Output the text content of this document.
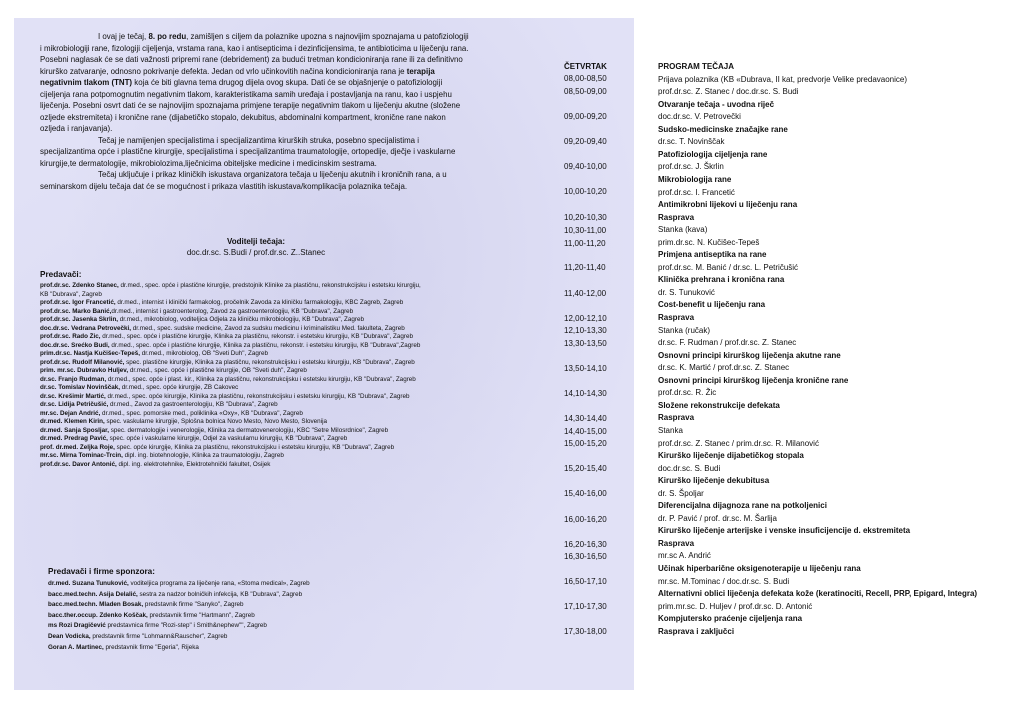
I ovaj je tečaj, 8. po redu, zamišljen s ciljem da polaznike upozna s najnovijim spoznajama u patofiziologiji i mikrobiologiji rane, fizologiji cijeljenja, vrstama rana, kao i antisepticima i dezinficijensima, te antibioticima u liječenju rana. Posebni naglasak će se dati važnosti pripremi rane (debridement) za budući tretman kondicioniranja rane ili za definitivno kirurško zatvaranje, odnosno pokrivanje defekta. Jedan od vrlo učinkovitih načina kondicioniranja rana je terapija negativnim tlakom (TNT) koja će biti glavna tema drugog dijela ovog skupa. Dati će se objašnjenje o patofiziologiji cijeljenja rana potpomognutim negativnim tlakom, karakteristikama samih uređaja i postavljanja na ranu, kao i uspjehu liječenja. Posebni osvrt dati će se najnovijim spoznajama primjene terapije negativnim tlakom u liječenju akutne (složene ozljede ekstremiteta) i kronične rane (dijabetičko stopalo, dekubitus, abdominalni kompartment, kronične rane nakon ozljeda i ranjavanja).

Tečaj je namijenjen specijalistima i specijalizantima kirurških struka, posebno specijalistima i specijalizantima opće i plastične kirurgije, specijalistima i specijalizantima traumatologije, ortopedije, dječje i vaskularne kirurgije,te dermatologije, mikrobiolozima,liječnicima obiteljske medicine i medicinskim sestrama.

Tečaj uključuje i prikaz kliničkih iskustava organizatora tečaja u liječenju akutnih i kroničnih rana, a u seminarskom dijelu tečaja dat će se mogućnost i prikaza vlastitih iskustava/komplikacija polaznika tečaja.

Voditelji tečaja:
doc.dr.sc. S.Budi / prof.dr.sc. Z..Stanec
Predavači:
prof.dr.sc. Zdenko Stanec, dr.med., spec. opće i plastične kirurgije, predstojnik Klinike za plastičnu, rekonstrukcijsku i estetsku kirurgiju,
KB "Dubrava", Zagreb
prof.dr.sc. Igor Francetić, dr.med., internist i klinički farmakolog, pročelnik Zavoda za kliničku farmakologiju, KBC Zagreb, Zagreb
prof.dr.sc. Marko Banić,dr.med., internist i gastroenterolog, Zavod za gastroenterologiju, KB "Dubrava", Zagreb
prof.dr.sc. Jasenka Škrlin, dr.med., mikrobiolog, voditeljica Odjela za kliničku mikrobiologiju, KB "Dubrava", Zagreb
doc.dr.sc. Vedrana Petrovečki, dr.med., spec. sudske medicine, Zavod za sudsku medicinu i kriminalistiku Med. fakulteta, Zagreb
prof.dr.sc. Rado Žic, dr.med., spec. opće i plastične kirurgije, Klinika za plastičnu, rekonstr. i estetsku kirurgiju, KB "Dubrava", Zagreb
doc.dr.sc. Srećko Budi, dr.med., spec. opće i plastične kirurgije, Klinika za plastičnu, rekonstr. i estetsku kirurgiju, KB "Dubrava",Zagreb
prim.dr.sc. Nastja Kučišec-Tepeš, dr.med., mikrobiolog, OB "Sveti Duh", Zagreb
prof.dr.sc. Rudolf Milanović, spec. plastične kirurgije, Klinika za plastičnu, rekonstrukcijsku i estetsku kirurgiju, KB "Dubrava", Zagreb
prim. mr.sc. Dubravko Huljev, dr.med., spec. opće i plastične kirurgije, OB "Sveti duh", Zagreb
dr.sc. Franjo Rudman, dr.med., spec. opće i plast. kir., Klinika za plastičnu, rekonstrukcijsku i estetsku kirurgiju, KB "Dubrava", Zagreb
dr.sc. Tomislav Novinščak, dr.med., spec. opće kirurgije, ŽB Čakovec
dr.sc. Krešimir Martić, dr.med., spec. opće kirurgije, Klinika za plastičnu, rekonstrukcijsku i estetsku kirurgiju, KB "Dubrava", Zagreb
dr.sc. Lidija Petričušić, dr.med., Zavod za gastroenterologiju, KB "Dubrava", Zagreb
mr.sc. Dejan Andrić, dr.med., spec. pomorske med., poliklinika «Oxy», KB "Dubrava", Zagreb
dr.med. Klemen Kirin, spec. vaskularne kirurgije, Splošna bolnica Novo Mesto, Novo Mesto, Slovenija
dr.med. Sanja Šposljar, spec. dermatologije i venerologije, Klinika za dermatovenerologiju, KBC "Setre Milosrdnice", Zagreb
dr.med. Predrag Pavić, spec. opće i vaskularne kirurgije, Odjel za vaskularnu kirurgiju, KB "Dubrava", Zagreb
prof. dr.med. Željka Roje, spec. opće kirurgije, Klinika za plastičnu, rekonstrukcijsku i estetsku kirurgiju, KB "Dubrava", Zagreb
mr.sc. Mirna Tominac-Trcin, dipl. ing. biotehnologije, Klinika za traumatologiju, Zagreb
prof.dr.sc. Davor Antonić, dipl. ing. elektrotehnike, Elektrotehnički fakultet, Osijek
Predavači i firme sponzora:
dr.med. Suzana Tunuković, voditeljica programa za liječenje rana, «Stoma medical», Zagreb
bacc.med.techn. Asija Delalić, sestra za nadzor bolničkih infekcija, KB "Dubrava", Zagreb
bacc.med.techn. Mladen Bosak, predstavnik firme "Sanyko", Zagreb
bacc.ther.occup. Zdenko Koščak, predstavnik firme "Hartmann", Zagreb
ms Rozi Dragičević predstavnica firme "Rozi-step" i Smith&nephew"", Zagreb
Dean Vodicka, predstavnik firme "Lohmann&Rauscher", Zagreb
Goran A. Martinec, predstavnik firme "Egeria", Rijeka
ČETVRTAK
08,00-08,50
08,50-09,00
09,00-09,20
09,20-09,40
09,40-10,00
10,00-10,20
10,20-10,30
10,30-11,00
11,00-11,20
11,20-11,40
11,40-12,00
12,00-12,10
12,10-13,30
13,30-13,50
13,50-14,10
14,10-14,30
14,30-14,40
14,40-15,00
15,00-15,20
15,20-15,40
15,40-16,00
16,00-16,20
16,20-16,30
16,30-16,50
16,50-17,10
17,10-17,30
17,30-18,00
PROGRAM TEČAJA
Prijava polaznika (KB «Dubrava, II kat, predvorje Velike predavaonice)
prof.dr.sc. Z. Stanec / doc.dr.sc. S. Budi
Otvaranje tečaja - uvodna riječ
doc.dr.sc. V. Petrovečki
Sudsko-medicinske značajke rane
dr.sc. T. Novinščak
Patofiziologija cijeljenja rane
prof.dr.sc. J. Škrlin
Mikrobiologija rane
prof.dr.sc. I. Francetić
Antimikrobni lijekovi u liječenju rana
Rasprava
Stanka (kava)
prim.dr.sc. N. Kučišec-Tepeš
Primjena antiseptika na rane
prof.dr.sc. M. Banić / dr.sc. L. Petričušić
Klinička prehrana i kronična rana
dr. S. Tunuković
Cost-benefit u liječenju rana
Rasprava
Stanka (ručak)
dr.sc. F. Rudman / prof.dr.sc. Z. Stanec
Osnovni principi kirurškog liječenja akutne rane
dr.sc. K. Martić / prof.dr.sc. Z. Stanec
Osnovni principi kirurškog liječenja kronične rane
prof.dr.sc. R. Žic
Složene rekonstrukcije defekata
Rasprava
Stanka
prof.dr.sc. Z. Stanec / prim.dr.sc. R. Milanović
Kirurško liječenje dijabetičkog stopala
doc.dr.sc. S. Budi
Kirurško liječenje dekubitusa
dr. S. Špoljar
Diferencijalna dijagnoza rane na potkoljenici
dr. P. Pavić / prof. dr.sc. M. Šarlija
Kirurško liječenje arterijske i venske insuficijencije d. ekstremiteta
Rasprava
mr.sc A. Andrić
Učinak hiperbarične oksigenoterapije u liječenju rana
mr.sc. M.Tominac / doc.dr.sc. S. Budi
Alternativni oblici liječenja defekata kože (keratinociti, Recell, PRP, Epigard, Integra)
prim.mr.sc. D. Huljev / prof.dr.sc. D. Antonić
Kompjutersko praćenje cijeljenja rana
Rasprava i zaključci
